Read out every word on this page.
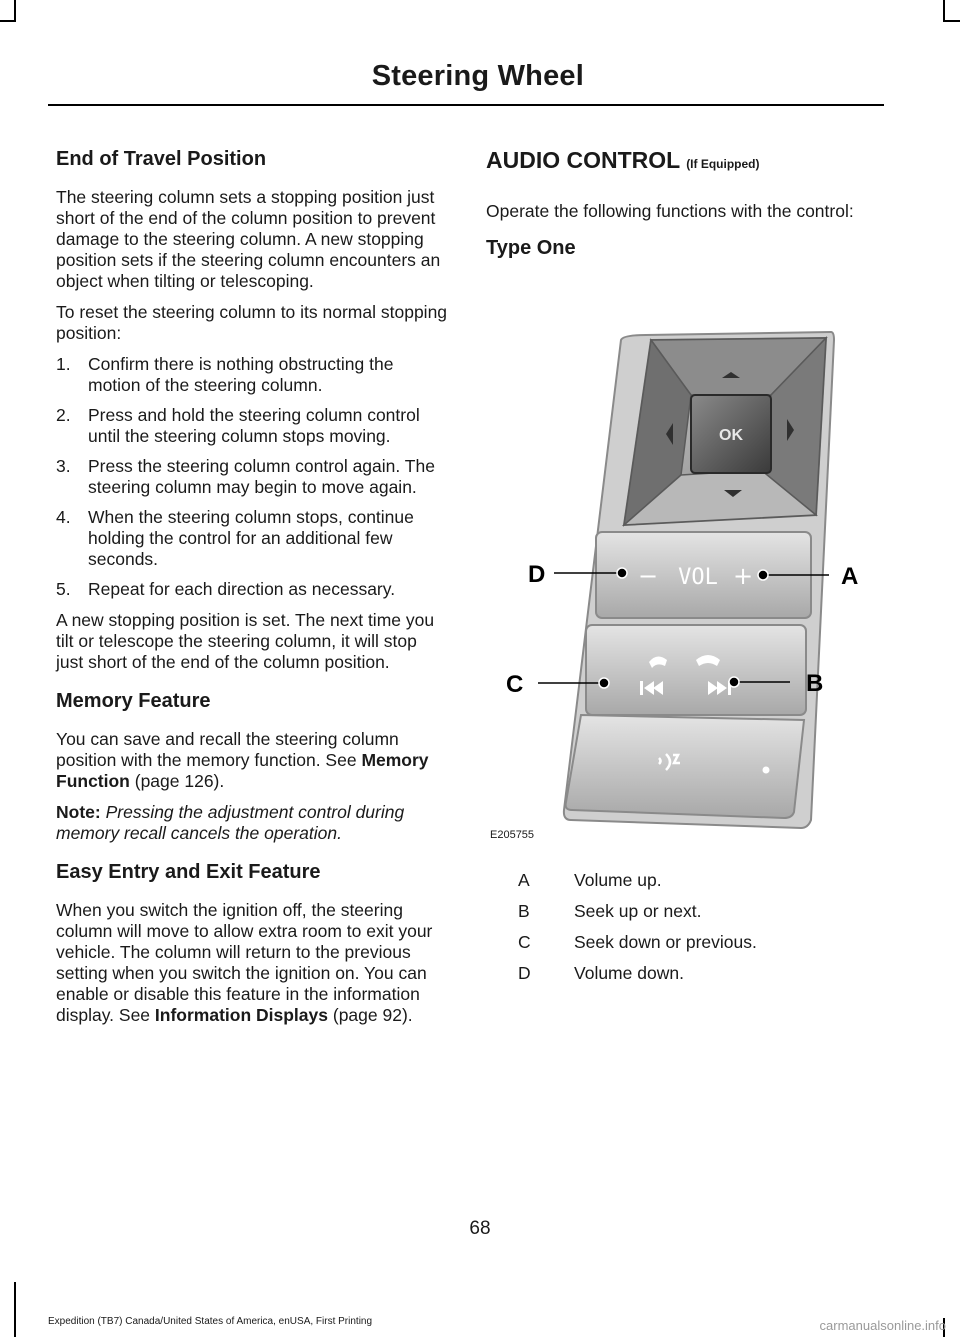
Steering Wheel
End of Travel Position

The steering column sets a stopping position just short of the end of the column position to prevent damage to the steering column. A new stopping position sets if the steering column encounters an object when tilting or telescoping.

To reset the steering column to its normal stopping position:

1. Confirm there is nothing obstructing the motion of the steering column.
2. Press and hold the steering column control until the steering column stops moving.
3. Press the steering column control again. The steering column may begin to move again.
4. When the steering column stops, continue holding the control for an additional few seconds.
5. Repeat for each direction as necessary.

A new stopping position is set. The next time you tilt or telescope the steering column, it will stop just short of the end of the column position.

Memory Feature

You can save and recall the steering column position with the memory function. See Memory Function (page 126).

Note: Pressing the adjustment control during memory recall cancels the operation.

Easy Entry and Exit Feature

When you switch the ignition off, the steering column will move to allow extra room to exit your vehicle. The column will return to the previous setting when you switch the ignition on. You can enable or disable this feature in the information display. See Information Displays (page 92).

AUDIO CONTROL (If Equipped)

Operate the following functions with the control:

Type One
OK
− VOL +	A
B
C
D
E205755
A	Volume up.
B	Seek up or next.
C	Seek down or previous.
D	Volume down.
68
Expedition (TB7) Canada/United States of America, enUSA, First Printing	carmanualsonline.info
